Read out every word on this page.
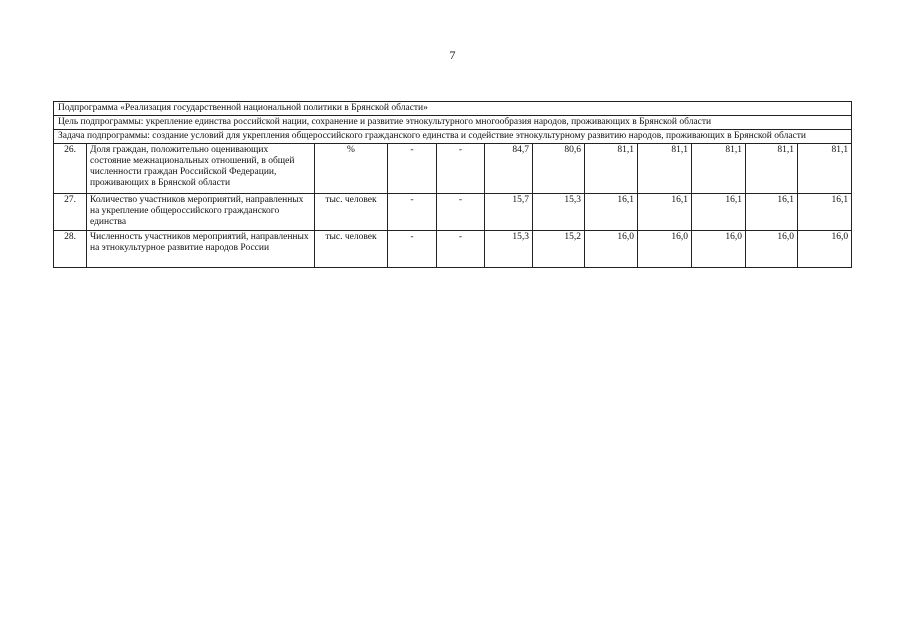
7
Подпрограмма «Реализация государственной национальной политики в Брянской области»											
Цель подпрограммы: укрепление единства российской нации, сохранение и развитие этнокультурного многообразия народов, проживающих в Брянской области											
Задача подпрограммы: создание условий для укрепления общероссийского гражданского единства и содействие этнокультурному развитию народов, проживающих в Брянской области											
26.	Доля граждан, положительно оценивающих состояние межнациональных отношений, в общей численности граждан Российской Федерации, проживающих в Брянской области	%	-	-	84,7	80,6	81,1	81,1	81,1	81,1	81,1
27.	Количество участников мероприятий, направленных на укрепление общероссийского гражданского единства	тыс. человек	-	-	15,7	15,3	16,1	16,1	16,1	16,1	16,1
28.	Численность участников мероприятий, направленных на этнокультурное развитие народов России	тыс. человек	-	-	15,3	15,2	16,0	16,0	16,0	16,0	16,0
